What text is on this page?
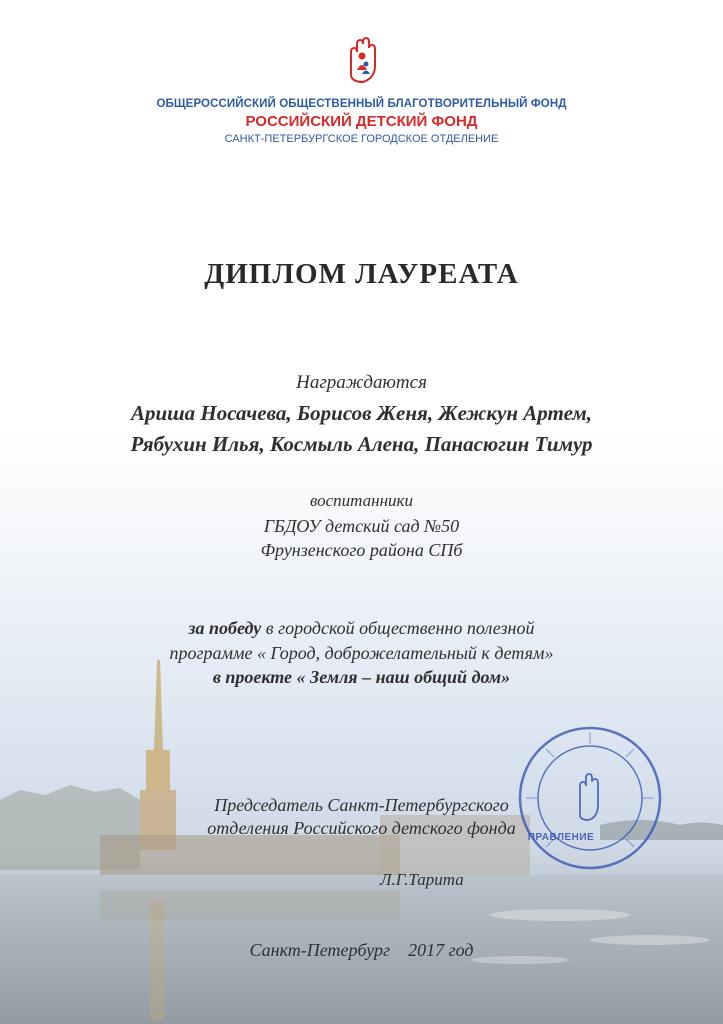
ОБЩЕРОССИЙСКИЙ ОБЩЕСТВЕННЫЙ БЛАГОТВОРИТЕЛЬНЫЙ ФОНД
РОССИЙСКИЙ ДЕТСКИЙ ФОНД
САНКТ-ПЕТЕРБУРГСКОЕ ГОРОДСКОЕ ОТДЕЛЕНИЕ
ДИПЛОМ ЛАУРЕАТА
Награждаются
Ариша Носачева, Борисов Женя, Жежкун Артем,
Рябухин Илья, Космыль Алена, Панасюгин Тимур
воспитанники
ГБДОУ детский сад №50
Фрунзенского района СПб
за победу в городской общественно полезной
программе « Город, доброжелательный к детям»
в проекте « Земля – наш общий дом»
ПРАВЛЕНИЕ
Председатель Санкт-Петербургского
отделения Российского детского фонда
Л.Г.Тарита
Санкт-Петербург    2017 год
